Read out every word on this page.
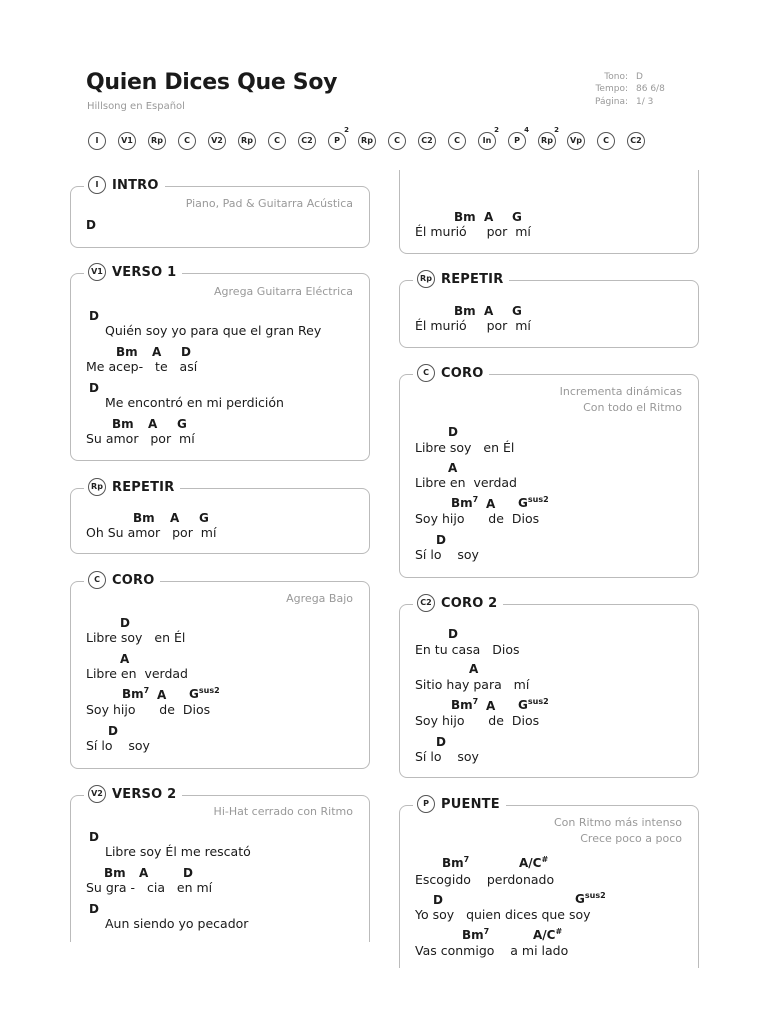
Quien Dices Que Soy
Hillsong en Español
Tono: D
Tempo: 86 6/8
Página: 1/ 3
I	V1	Rp	C	V2	Rp	C	C2	P
2
Rp	C	C2	C	In
2
P
4
Rp
2
Vp	C	C2
I	INTRO
Piano, Pad & Guitarra Acústica
D
V1 VERSO 1
Agrega Guitarra Eléctrica
D
Quién soy yo para que el gran Rey
Bm A D
Me acep-   te   así
D
Me encontró en mi perdición
Bm A G
Su amor   por  mí
Rp REPETIR
Bm A G
Oh Su amor   por  mí
C CORO
Agrega Bajo
D
Libre soy   en Él
A
Libre en  verdad
Bm$^7$ A $G^{sus2}$
Soy hijo      de  Dios
D
Sí lo    soy
V2 VERSO 2
Hi-Hat cerrado con Ritmo
D
Libre soy Él me rescató
Bm A	D
Su gra -   cia   en mí
D
Aun siendo yo pecador
Bm A G
Él murió     por  mí
Rp REPETIR
Bm A G
Él murió     por  mí
C CORO
Incrementa dinámicas
Con todo el Ritmo
D
Libre soy   en Él
A
Libre en  verdad
Bm$^7$ A $G^{sus2}$
Soy hijo      de  Dios
D
Sí lo    soy
C2 CORO 2
D
En tu casa   Dios
A
Sitio hay para   mí
Bm$^7$ A $G^{sus2}$
Soy hijo      de  Dios
D
Sí lo    soy
P PUENTE
Con Ritmo más intenso
Crece poco a poco
Bm$^7$	A/C#
Escogido    perdonado
D	$G^{sus2}$
Yo soy   quien dices que soy
Bm$^7$	A/C#
Vas conmigo    a mi lado
